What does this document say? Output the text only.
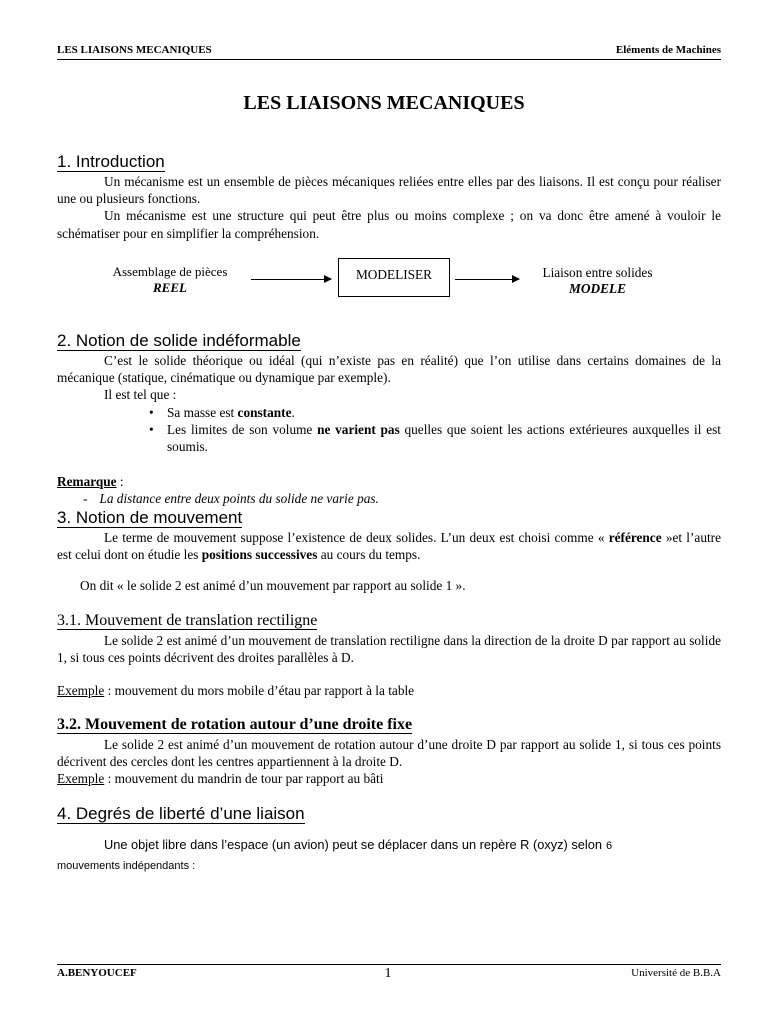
LES LIAISONS MECANIQUES	Eléments de Machines
LES LIAISONS MECANIQUES
1. Introduction
Un mécanisme est un ensemble de pièces mécaniques reliées entre elles par des liaisons. Il est conçu pour réaliser une ou plusieurs fonctions.
Un mécanisme est une structure qui peut être plus ou moins complexe ; on va donc être amené à vouloir le schématiser pour en simplifier la compréhension.
Assemblage de pièces
REEL
MODELISER	Liaison entre solides
MODELE
2. Notion de solide indéformable
C’est le solide théorique ou idéal (qui n’existe pas en réalité) que l’on utilise dans certains domaines de la mécanique (statique, cinématique ou dynamique par exemple).
Il est tel que :
• Sa masse est constante.
• Les limites de son volume ne varient pas quelles que soient les actions extérieures auxquelles il est soumis.
Remarque :
- La distance entre deux points du solide ne varie pas.
3. Notion de mouvement
Le terme de mouvement suppose l’existence de deux solides. L’un deux est choisi comme « référence »et l’autre est celui dont on étudie les positions successives au cours du temps.
On dit « le solide 2 est animé d’un mouvement par rapport au solide 1 ».
3.1. Mouvement de translation rectiligne
Le solide 2 est animé d’un mouvement de translation rectiligne dans la direction de la droite D par rapport au solide 1, si tous ces points décrivent des droites parallèles à D.
Exemple : mouvement du mors mobile d’étau par rapport à la table
3.2. Mouvement de rotation autour d’une droite fixe
Le solide 2 est animé d’un mouvement de rotation autour d’une droite D par rapport au solide 1, si tous ces points décrivent des cercles dont les centres appartiennent à la droite D.
Exemple : mouvement du mandrin de tour par rapport au bâti
4. Degrés de liberté d’une liaison
Une objet libre dans l’espace (un avion) peut se déplacer dans un repère R (oxyz) selon 6
mouvements indépendants :
A.BENYOUCEF	1	Université de B.B.A
